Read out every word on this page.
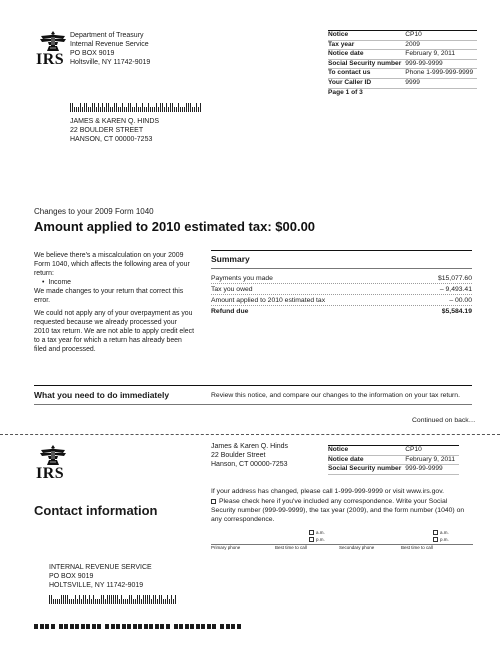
IRS
Department of Treasury
Internal Revenue Service
PO BOX 9019
Holtsville, NY 11742-9019
Notice	CP10
Tax year	2009
Notice date	February 9, 2011
Social Security number	999-99-9999
To contact us	Phone 1-999-999-9999
Your Caller ID	9999
Page 1 of 3	
JAMES & KAREN Q. HINDS
22 BOULDER STREET
HANSON, CT 00000-7253
Changes to your 2009 Form 1040
Amount applied to 2010 estimated tax: $00.00
We believe there's a miscalculation on your 2009 Form 1040, which affects the following area of your return:
• Income
We made changes to your return that correct this error.
We could not apply any of your overpayment as you requested because we already processed your 2010 tax return. We are not able to apply credit elect to a tax year for which a return has already been filed and processed.
Summary
Payments you made	$15,077.60
Tax you owed	– 9,493.41
Amount applied to 2010 estimated tax	– 00.00
Refund due	$5,584.19
What you need to do immediately	Review this notice, and compare our changes to the information on your tax return.
Continued on back…
IRS
James & Karen Q. Hinds
22 Boulder Street
Hanson, CT 00000-7253
Notice	CP10
Notice date	February 9, 2011
Social Security number	999-99-9999
If your address has changed, please call 1-999-999-9999 or visit www.irs.gov.
Please check here if you've included any correspondence. Write your Social Security number (999-99-9999), the tax year (2009), and the form number (1040) on any correspondence.
Contact information
a.m.
p.m.
a.m.
p.m.
Primary phone	Best time to call	Secondary phone	Best time to call
INTERNAL REVENUE SERVICE
PO BOX 9019
HOLTSVILLE, NY 11742-9019
